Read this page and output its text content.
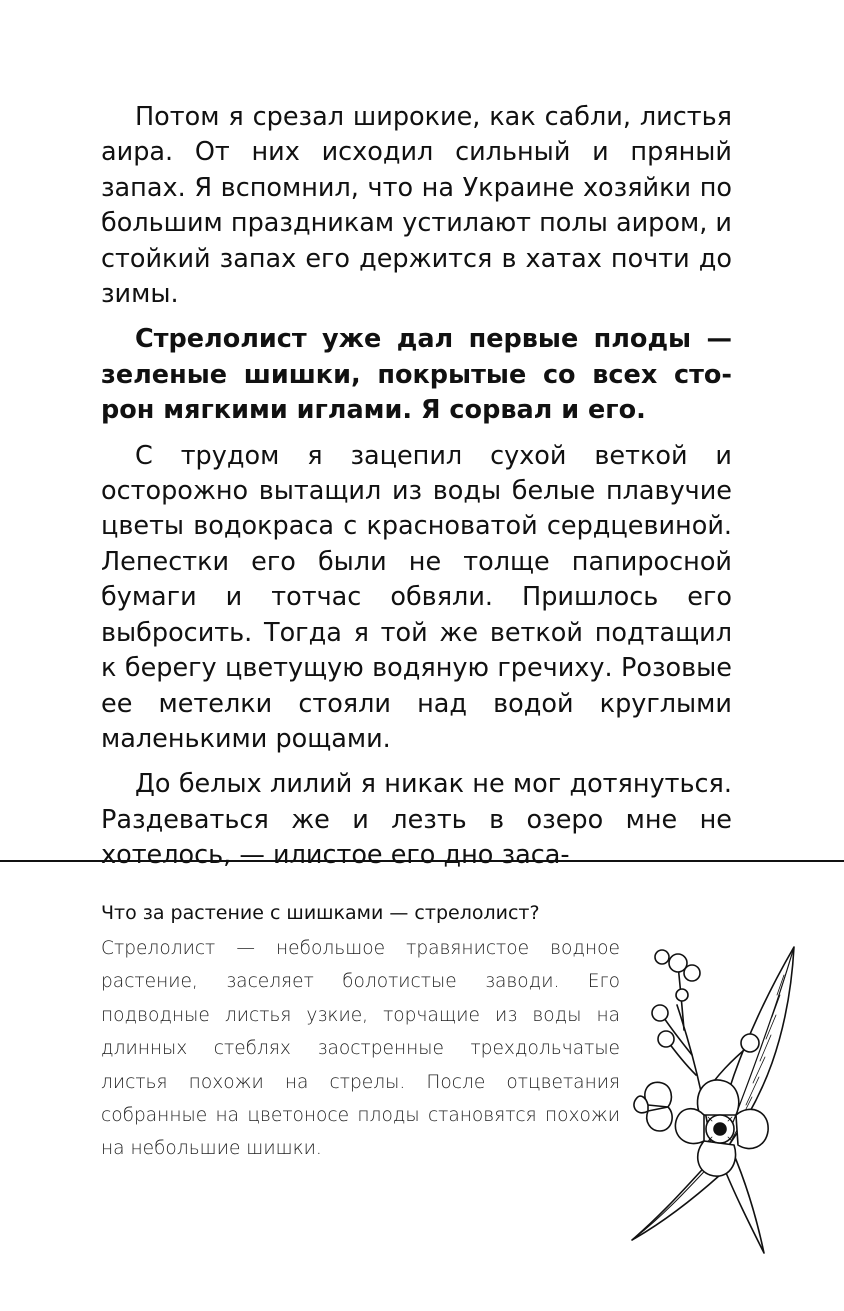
Потом я срезал широкие, как сабли, листья аира. От них исходил сильный и пряный запах. Я вспомнил, что на Украине хозяйки по большим праздникам устилают полы аиром, и стойкий запах его держится в хатах почти до зимы.

Стрелолист уже дал первые плоды — зеленые шишки, покрытые со всех сторон мягкими иглами. Я сорвал и его.

С трудом я зацепил сухой веткой и осторожно вытащил из воды белые плавучие цветы водокраса с красноватой сердцевиной. Лепестки его были не толще папиросной бумаги и тотчас обвяли. Пришлось его выбросить. Тогда я той же веткой подтащил к берегу цветущую водяную гречиху. Розовые ее метелки стояли над водой круглыми маленькими рощами.

До белых лилий я никак не мог дотянуться. Раздеваться же и лезть в озеро мне не хотелось, — илистое его дно заса-

Что за растение с шишками — стрелолист?

Стрелолист — небольшое травянистое водное растение, заселяет болотистые заводи. Его подводные листья узкие, торчащие из воды на длинных стеблях заостренные трехдольчатые листья похожи на стрелы. После отцветания собранные на цветоносе плоды становятся похожи на небольшие шишки.
